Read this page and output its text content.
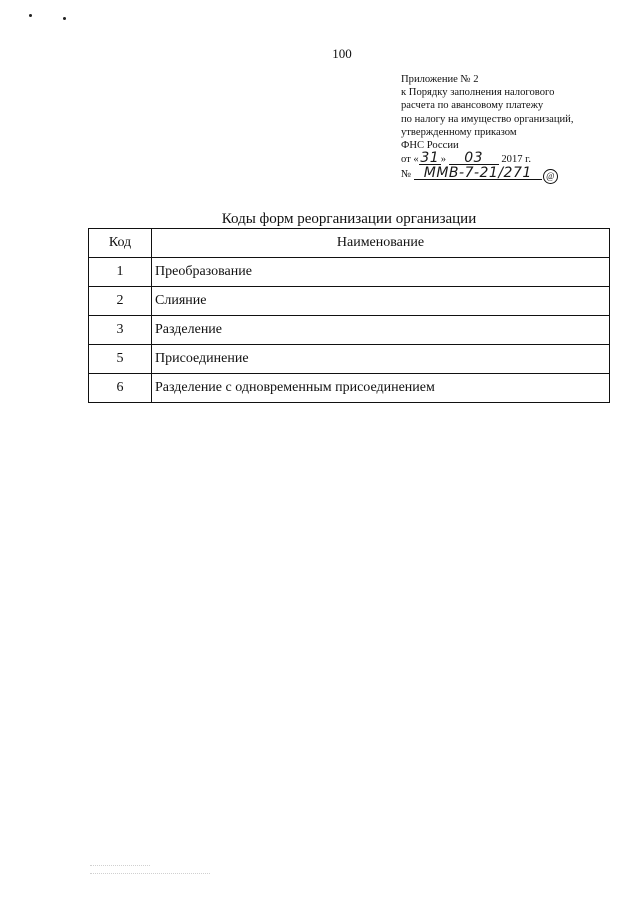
100
Приложение № 2
к Порядку заполнения налогового
расчета по авансовому платежу
по налогу на имущество организаций,
утвержденному приказом
ФНС России
от « 31 » 03 2017 г.
№ ММВ-7-21/271 @
Коды форм реорганизации организации
Код	Наименование
1	Преобразование
2	Слияние
3	Разделение
5	Присоединение
6	Разделение с одновременным присоединением
